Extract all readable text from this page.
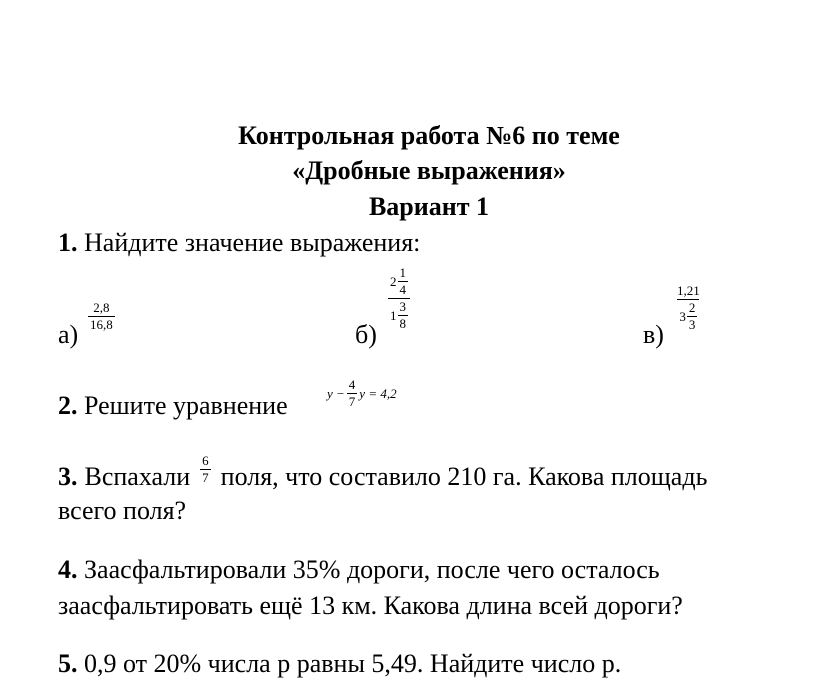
Контрольная работа №6 по теме
«Дробные выражения»
Вариант 1
1. Найдите значение выражения:
а)
$\frac{2,8}{16,8}$
б)
$\frac{2 \frac{1}{4}}{1 \frac{3}{8}}$
в)
$\frac{1,21}{3 \frac{2}{3}}$
2. Решите уравнение	$y - \frac{4}{7}$ y = 4,2
3. Вспахали $\frac{6}{7}$ поля, что составило 210 га. Какова площадь
всего поля?
4. Заасфальтировали 35% дороги, после чего осталось
заасфальтировать ещё 13 км. Какова длина всей дороги?
5. 0,9 от 20% числа р равны 5,49. Найдите число р.
